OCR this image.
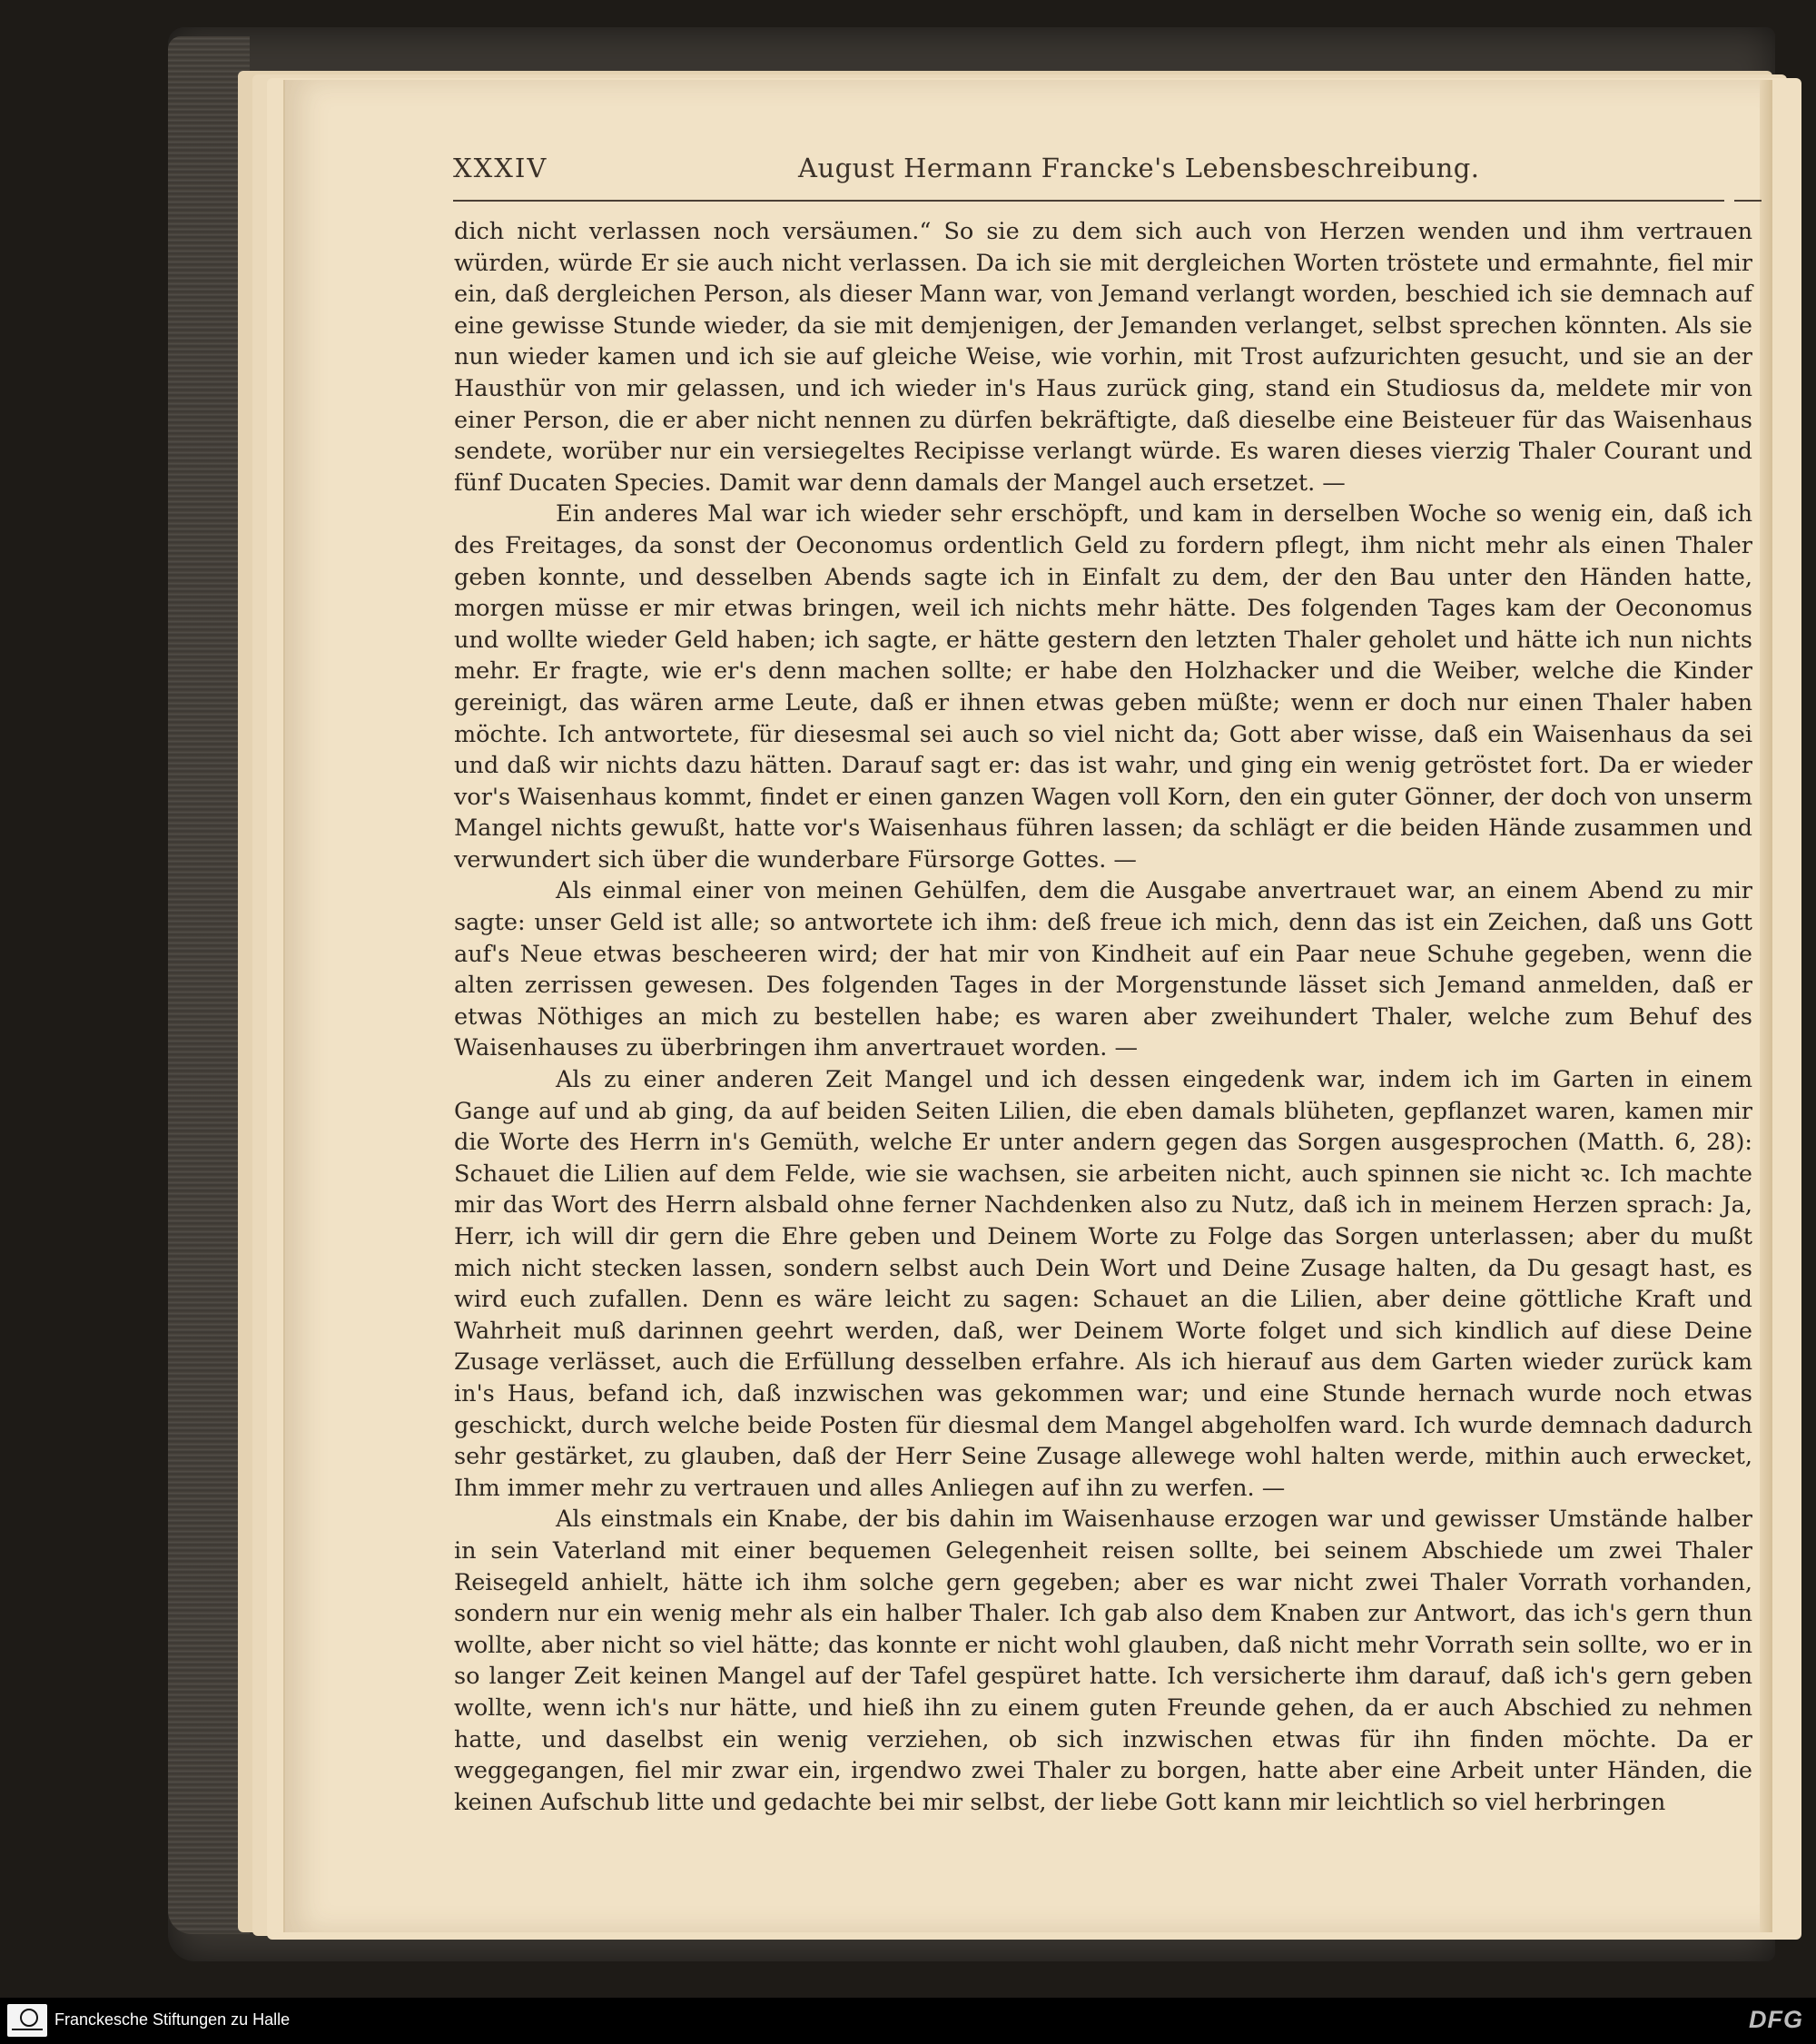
XXXIV	August Hermann Francke's Lebensbeschreibung.

dich nicht verlassen noch versäumen.“ So sie zu dem sich auch von Herzen wenden und ihm vertrauen würden, würde Er sie auch nicht verlassen. Da ich sie mit dergleichen Worten tröstete und ermahnte, fiel mir ein, daß dergleichen Person, als dieser Mann war, von Jemand verlangt worden, beschied ich sie demnach auf eine gewisse Stunde wieder, da sie mit demjenigen, der Jemanden verlanget, selbst sprechen könnten. Als sie nun wieder kamen und ich sie auf gleiche Weise, wie vorhin, mit Trost aufzurichten gesucht, und sie an der Hausthür von mir gelassen, und ich wieder in's Haus zurück ging, stand ein Studiosus da, meldete mir von einer Person, die er aber nicht nennen zu dürfen bekräftigte, daß dieselbe eine Beisteuer für das Waisenhaus sendete, worüber nur ein versiegeltes Recipisse verlangt würde. Es waren dieses vierzig Thaler Courant und fünf Ducaten Species. Damit war denn damals der Mangel auch ersetzet. —

Ein anderes Mal war ich wieder sehr erschöpft, und kam in derselben Woche so wenig ein, daß ich des Freitages, da sonst der Oeconomus ordentlich Geld zu fordern pflegt, ihm nicht mehr als einen Thaler geben konnte, und desselben Abends sagte ich in Einfalt zu dem, der den Bau unter den Händen hatte, morgen müsse er mir etwas bringen, weil ich nichts mehr hätte. Des folgenden Tages kam der Oeconomus und wollte wieder Geld haben; ich sagte, er hätte gestern den letzten Thaler geholet und hätte ich nun nichts mehr. Er fragte, wie er's denn machen sollte; er habe den Holzhacker und die Weiber, welche die Kinder gereinigt, das wären arme Leute, daß er ihnen etwas geben müßte; wenn er doch nur einen Thaler haben möchte. Ich antwortete, für diesesmal sei auch so viel nicht da; Gott aber wisse, daß ein Waisenhaus da sei und daß wir nichts dazu hätten. Darauf sagt er: das ist wahr, und ging ein wenig getröstet fort. Da er wieder vor's Waisenhaus kommt, findet er einen ganzen Wagen voll Korn, den ein guter Gönner, der doch von unserm Mangel nichts gewußt, hatte vor's Waisenhaus führen lassen; da schlägt er die beiden Hände zusammen und verwundert sich über die wunderbare Fürsorge Gottes. —

Als einmal einer von meinen Gehülfen, dem die Ausgabe anvertrauet war, an einem Abend zu mir sagte: unser Geld ist alle; so antwortete ich ihm: deß freue ich mich, denn das ist ein Zeichen, daß uns Gott auf's Neue etwas bescheeren wird; der hat mir von Kindheit auf ein Paar neue Schuhe gegeben, wenn die alten zerrissen gewesen. Des folgenden Tages in der Morgenstunde lässet sich Jemand anmelden, daß er etwas Nöthiges an mich zu bestellen habe; es waren aber zweihundert Thaler, welche zum Behuf des Waisenhauses zu überbringen ihm anvertrauet worden. —

Als zu einer anderen Zeit Mangel und ich dessen eingedenk war, indem ich im Garten in einem Gange auf und ab ging, da auf beiden Seiten Lilien, die eben damals blüheten, gepflanzet waren, kamen mir die Worte des Herrn in's Gemüth, welche Er unter andern gegen das Sorgen ausgesprochen (Matth. 6, 28): Schauet die Lilien auf dem Felde, wie sie wachsen, sie arbeiten nicht, auch spinnen sie nicht ꝛc. Ich machte mir das Wort des Herrn alsbald ohne ferner Nachdenken also zu Nutz, daß ich in meinem Herzen sprach: Ja, Herr, ich will dir gern die Ehre geben und Deinem Worte zu Folge das Sorgen unterlassen; aber du mußt mich nicht stecken lassen, sondern selbst auch Dein Wort und Deine Zusage halten, da Du gesagt hast, es wird euch zufallen. Denn es wäre leicht zu sagen: Schauet an die Lilien, aber deine göttliche Kraft und Wahrheit muß darinnen geehrt werden, daß, wer Deinem Worte folget und sich kindlich auf diese Deine Zusage verlässet, auch die Erfüllung desselben erfahre. Als ich hierauf aus dem Garten wieder zurück kam in's Haus, befand ich, daß inzwischen was gekommen war; und eine Stunde hernach wurde noch etwas geschickt, durch welche beide Posten für diesmal dem Mangel abgeholfen ward. Ich wurde demnach dadurch sehr gestärket, zu glauben, daß der Herr Seine Zusage allewege wohl halten werde, mithin auch erwecket, Ihm immer mehr zu vertrauen und alles Anliegen auf ihn zu werfen. —

Als einstmals ein Knabe, der bis dahin im Waisenhause erzogen war und gewisser Umstände halber in sein Vaterland mit einer bequemen Gelegenheit reisen sollte, bei seinem Abschiede um zwei Thaler Reisegeld anhielt, hätte ich ihm solche gern gegeben; aber es war nicht zwei Thaler Vorrath vorhanden, sondern nur ein wenig mehr als ein halber Thaler. Ich gab also dem Knaben zur Antwort, das ich's gern thun wollte, aber nicht so viel hätte; das konnte er nicht wohl glauben, daß nicht mehr Vorrath sein sollte, wo er in so langer Zeit keinen Mangel auf der Tafel gespüret hatte. Ich versicherte ihm darauf, daß ich's gern geben wollte, wenn ich's nur hätte, und hieß ihn zu einem guten Freunde gehen, da er auch Abschied zu nehmen hatte, und daselbst ein wenig verziehen, ob sich inzwischen etwas für ihn finden möchte. Da er weggegangen, fiel mir zwar ein, irgendwo zwei Thaler zu borgen, hatte aber eine Arbeit unter Händen, die keinen Aufschub litte und gedachte bei mir selbst, der liebe Gott kann mir leichtlich so viel herbringen

Franckesche Stiftungen zu Halle	DFG
